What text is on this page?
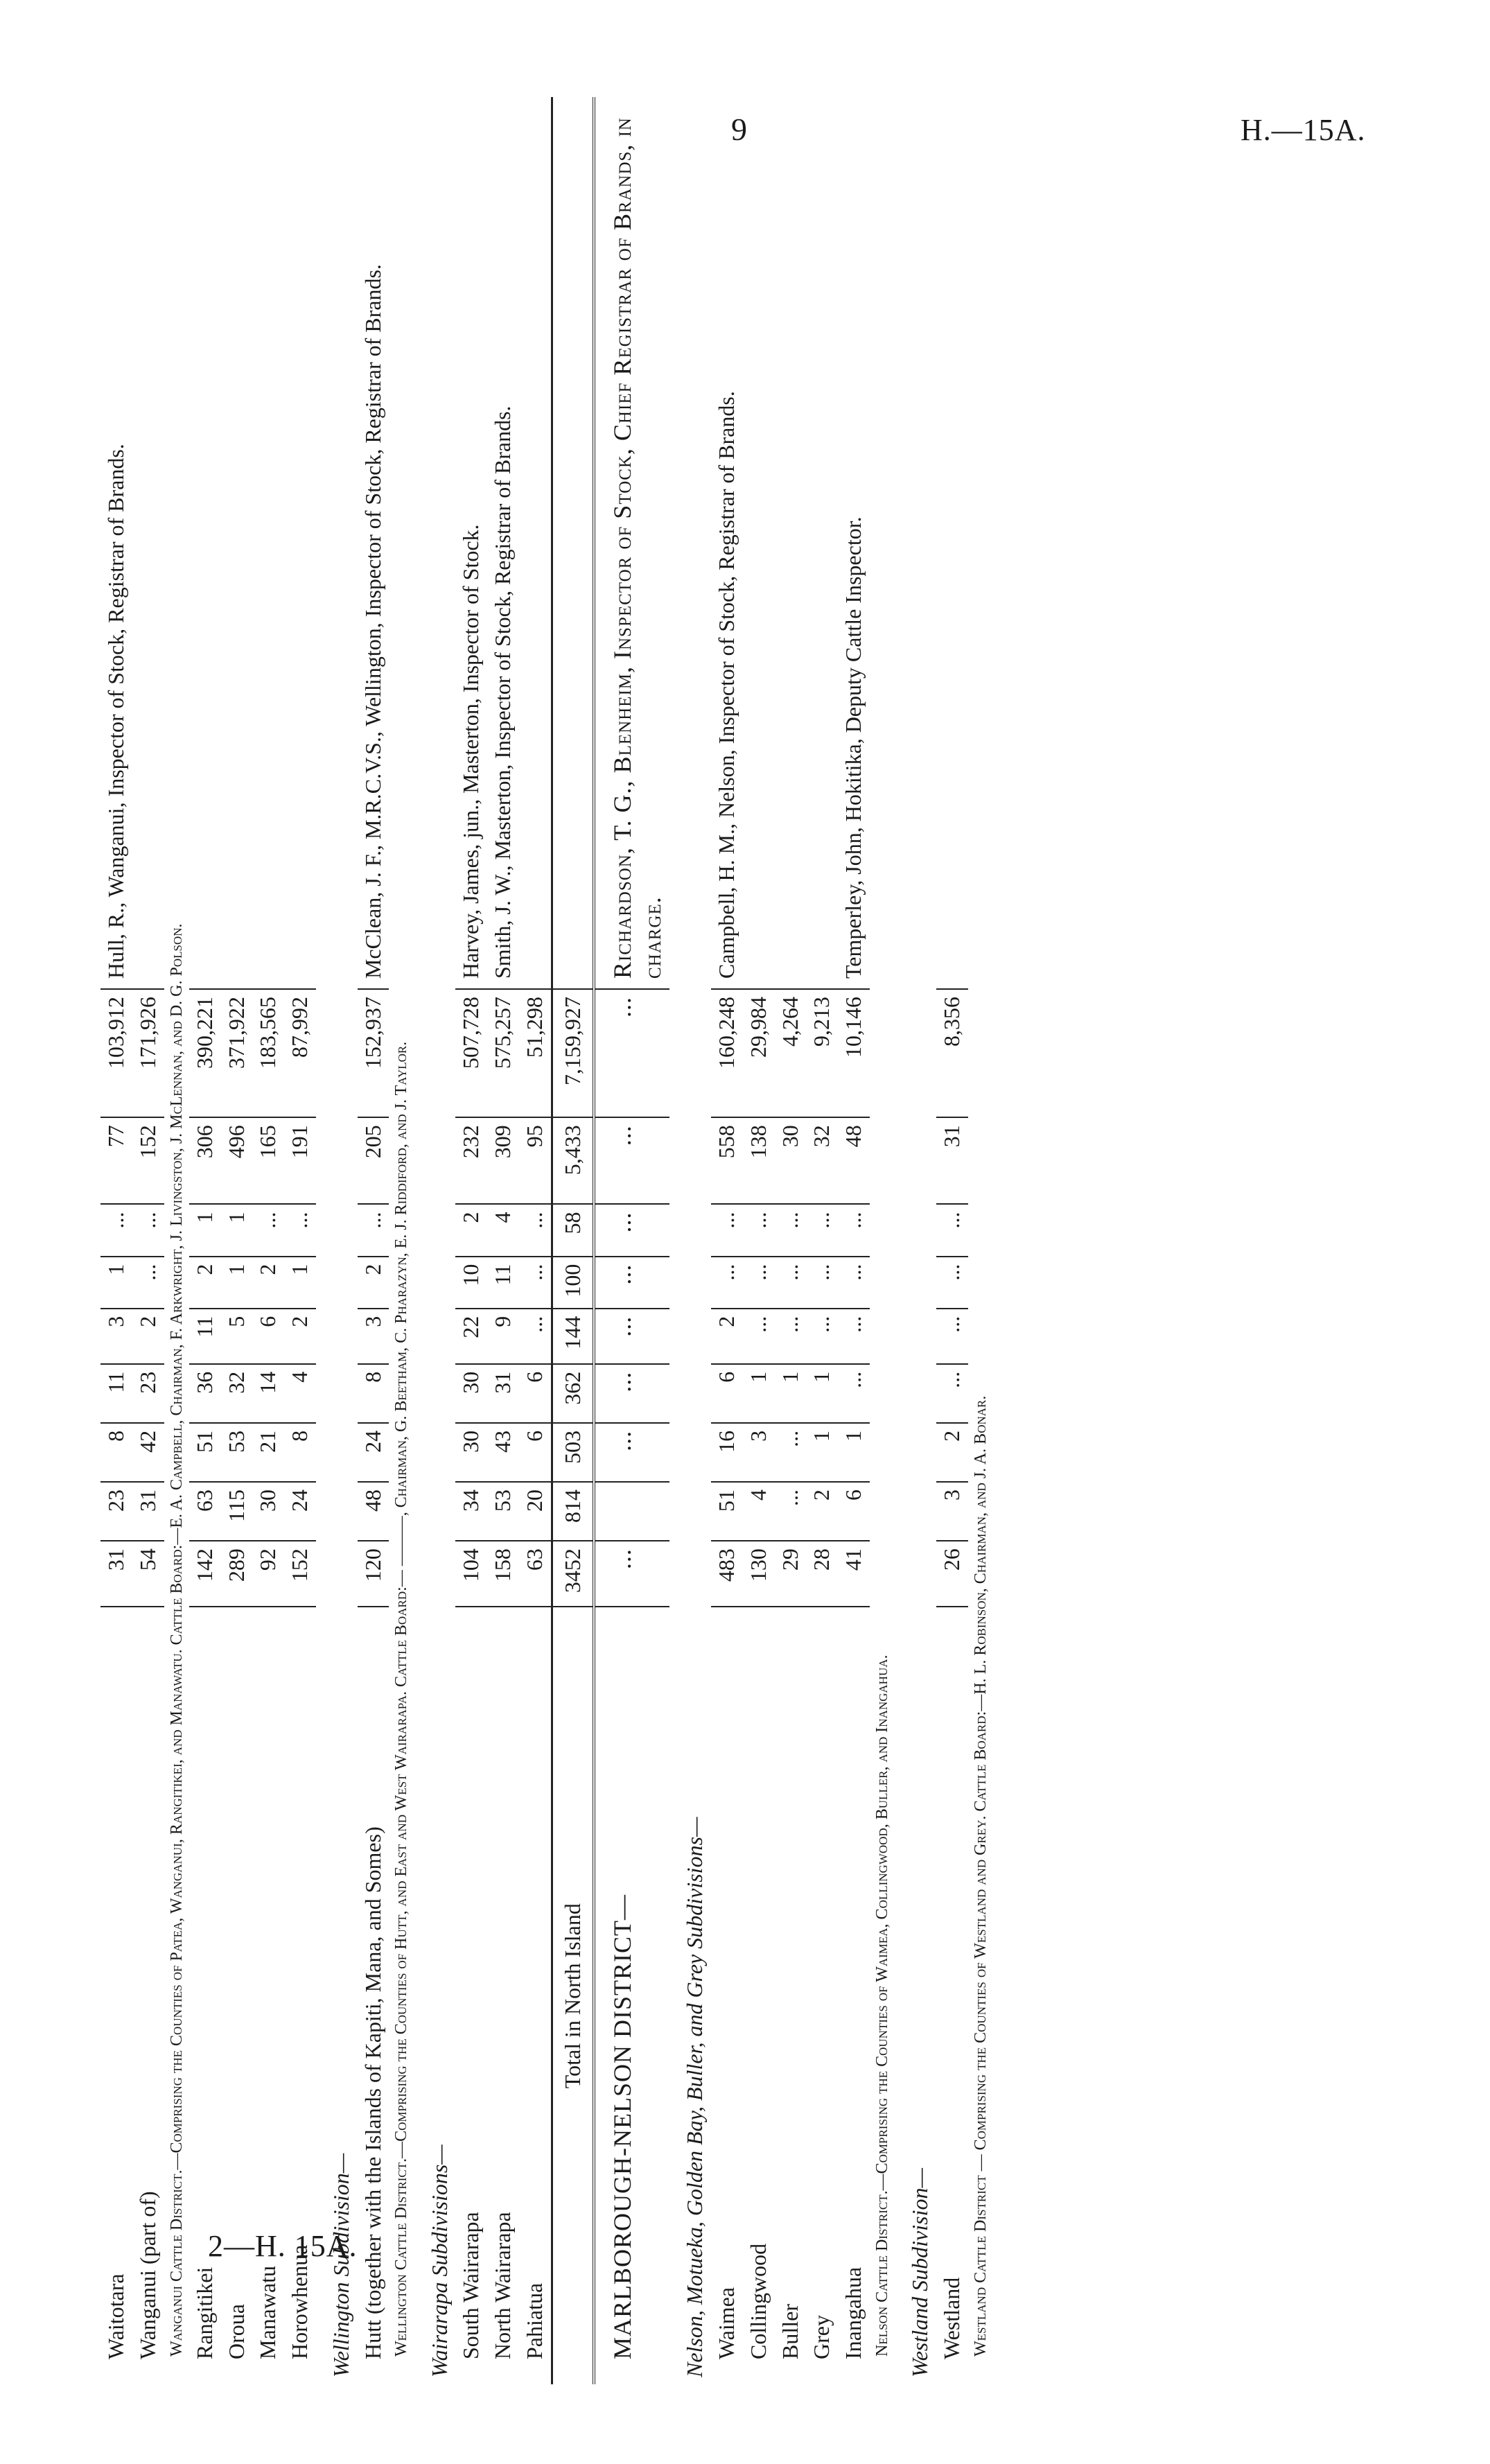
9	H.—15A.
2—H. 15A.
Waitotara	31	23	8	11	3	1	...	77	103,912	Hull, R., Wanganui, Inspector of Stock, Registrar of Brands.
Wanganui (part of)	54	31	42	23	2	...	...	152	171,926	
Wanganui Cattle District.—Comprising the Counties of Patea, Wanganui, Rangitikei, and Manawatu. Cattle Board:—E. A. Campbell, Chairman, F. Arkwright, J. Livingston, J. McLennan, and D. G. Polson.										
Rangitikei	142	63	51	36	11	2	1	306	390,221	
Oroua	289	115	53	32	5	1	1	496	371,922	
Manawatu	92	30	21	14	6	2	...	165	183,565	
Horowhenua	152	24	8	4	2	1	...	191	87,992	
Wellington Subdivision—										
Hutt (together with the Islands of Kapiti, Mana, and Somes)	120	48	24	8	3	2	...	205	152,937	McClean, J. F., M.R.C.V.S., Wellington, Inspector of Stock, Registrar of Brands.
Wellington Cattle District.—Comprising the Counties of Hutt, and East and West Wairarapa. Cattle Board:— ———, Chairman, G. Beetham, C. Pharazyn, E. J. Riddiford, and J. Taylor.										
Wairarapa Subdivisions—										
South Wairarapa	104	34	30	30	22	10	2	232	507,728	Harvey, James, jun., Masterton, Inspector of Stock.
North Wairarapa	158	53	43	31	9	11	4	309	575,257	Smith, J. W., Masterton, Inspector of Stock, Registrar of Brands.
Pahiatua	63	20	6	6	...	...	...	95	51,298	
Total in North Island	3452	814	503	362	144	100	58	5,433	7,159,927	
MARLBOROUGH-NELSON DISTRICT—	...		...	...	...	...	...	...	...	Richardson, T. G., Blenheim, Inspector of Stock, Chief Registrar of Brands, in charge.
Nelson, Motueka, Golden Bay, Buller, and Grey Subdivisions—										
Waimea	483	51	16	6	2	...	...	558	160,248	Campbell, H. M., Nelson, Inspector of Stock, Registrar of Brands.
Collingwood	130	4	3	1	...	...	...	138	29,984	
Buller	29	...	...	1	...	...	...	30	4,264	
Grey	28	2	1	1	...	...	...	32	9,213	
Inangahua	41	6	1	...	...	...	...	48	10,146	Temperley, John, Hokitika, Deputy Cattle Inspector.
Nelson Cattle District.—Comprising the Counties of Waimea, Collingwood, Buller, and Inangahua.										
Westland Subdivision—										
Westland	26	3	2	...	...	...	...	31	8,356	
Westland Cattle District — Comprising the Counties of Westland and Grey. Cattle Board:—H. L. Robinson, Chairman, and J. A. Bonar.										
